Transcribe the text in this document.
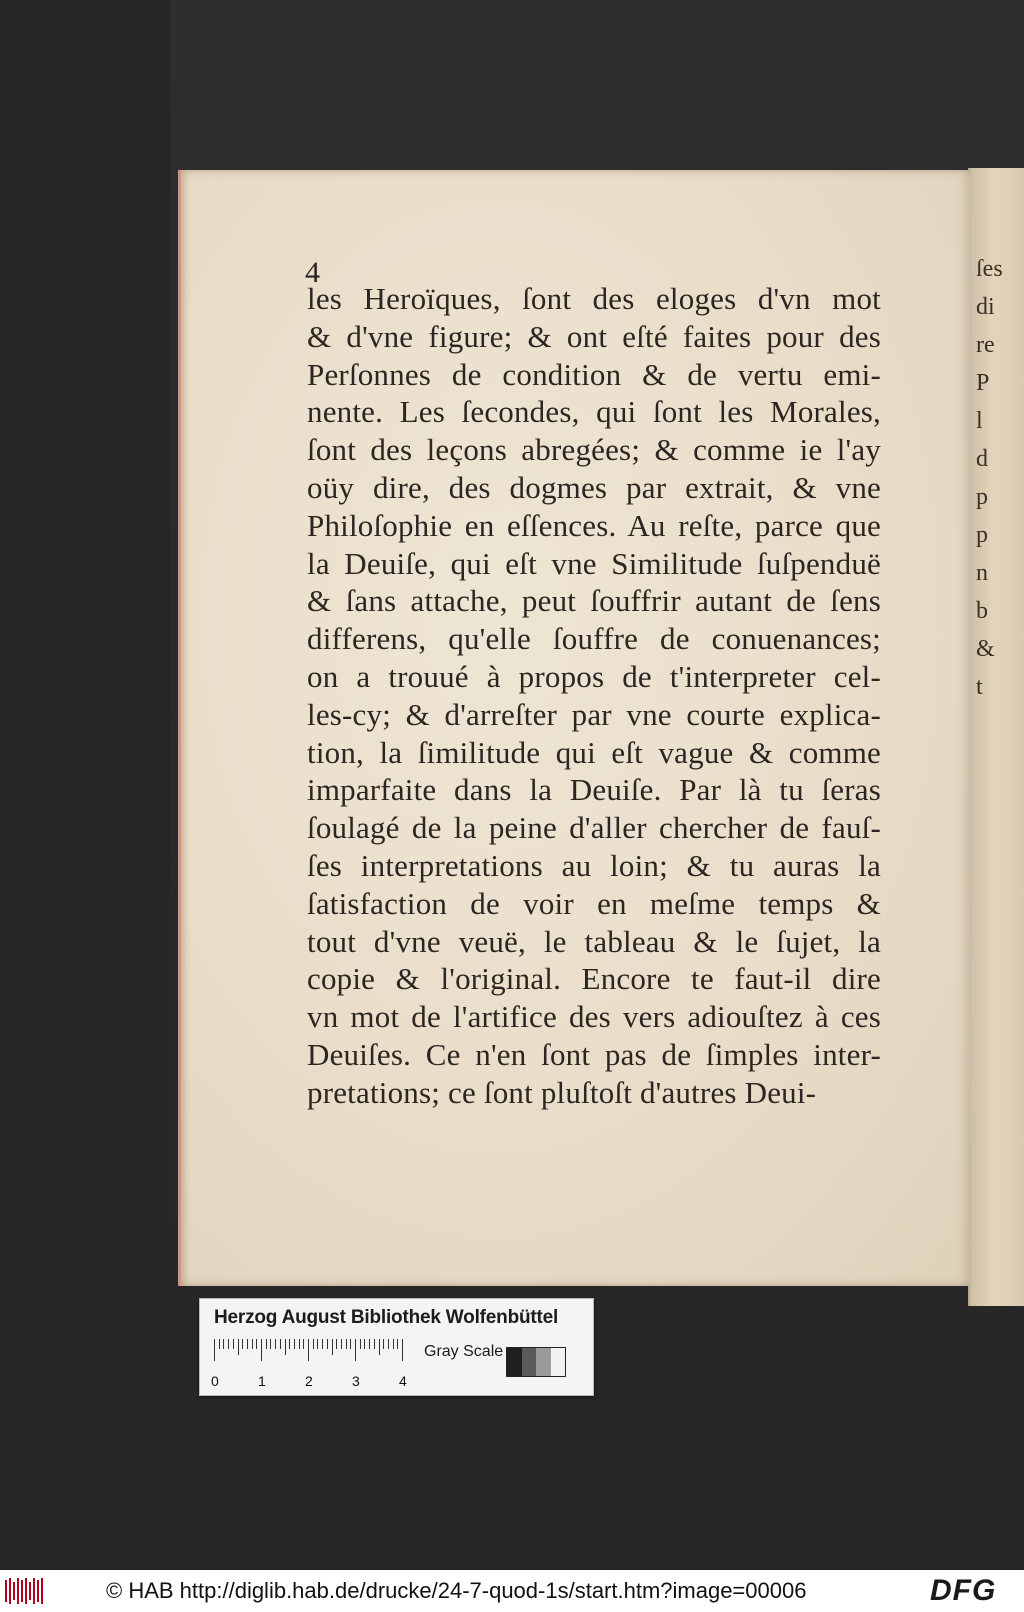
ſes
di
re
P
l
d
p
p
n
b
&
t
4
les Heroïques, ſont des eloges d'vn mot
& d'vne figure; & ont eſté faites pour des
Perſonnes de condition & de vertu emi-
nente. Les ſecondes, qui ſont les Morales,
ſont des leçons abregées; & comme ie l'ay
oüy dire, des dogmes par extrait, & vne
Philoſophie en eſſences. Au reſte, parce que
la Deuiſe, qui eſt vne Similitude ſuſpenduë
& ſans attache, peut ſouffrir autant de ſens
differens, qu'elle ſouffre de conuenances;
on a trouué à propos de t'interpreter cel-
les-cy; & d'arreſter par vne courte explica-
tion, la ſimilitude qui eſt vague & comme
imparfaite dans la Deuiſe. Par là tu ſeras
ſoulagé de la peine d'aller chercher de fauſ-
ſes interpretations au loin; & tu auras la
ſatisfaction de voir en meſme temps &
tout d'vne veuë, le tableau & le ſujet, la
copie & l'original. Encore te faut-il dire
vn mot de l'artifice des vers adiouſtez à ces
Deuiſes. Ce n'en ſont pas de ſimples inter-
pretations; ce ſont pluſtoſt d'autres Deui-
Herzog August Bibliothek Wolfenbüttel
0	1	2	3	4
Gray Scale
© HAB http://diglib.hab.de/drucke/24-7-quod-1s/start.htm?image=00006	DFG
